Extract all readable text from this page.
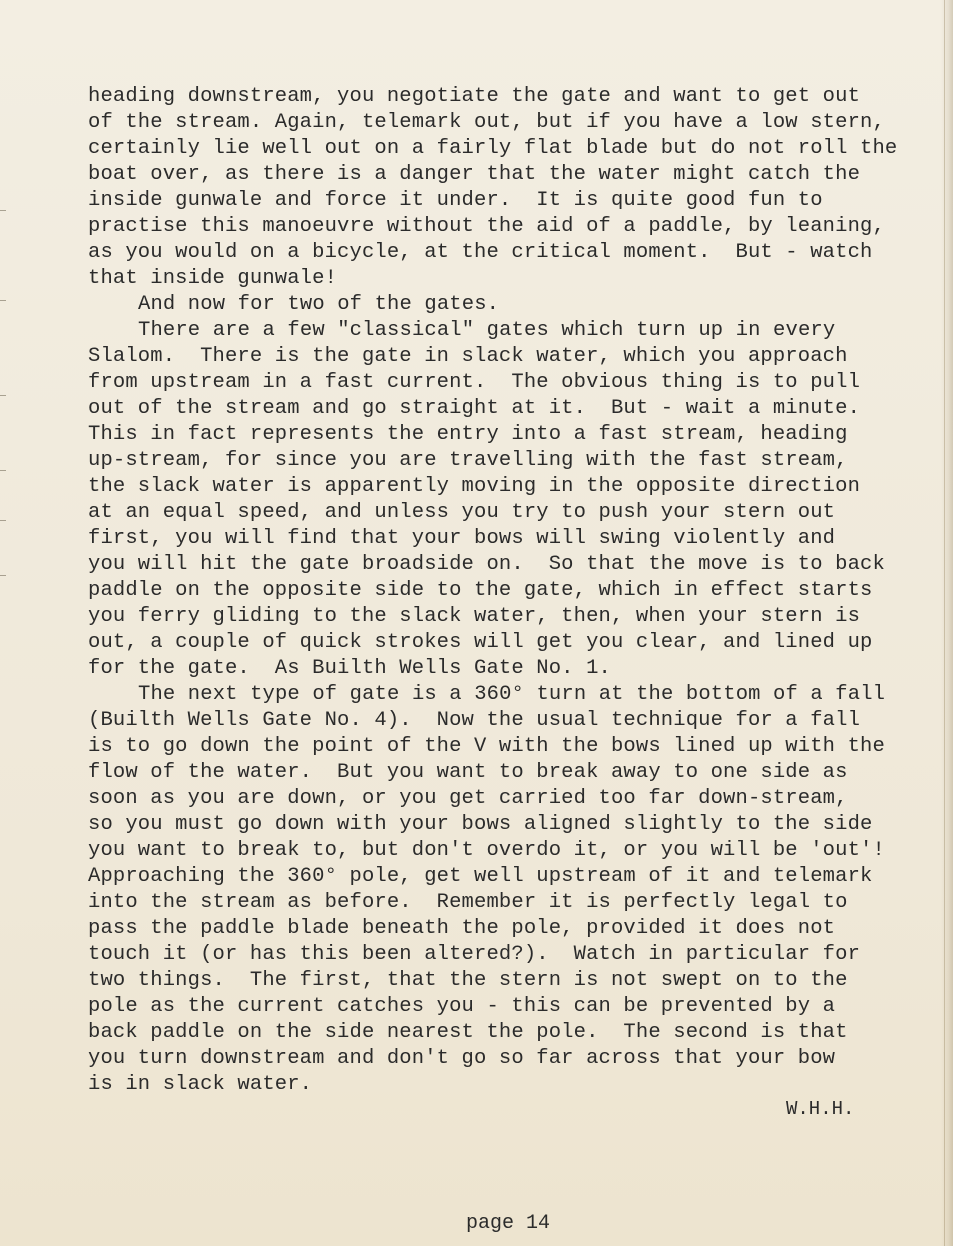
heading downstream, you negotiate the gate and want to get out
of the stream. Again, telemark out, but if you have a low stern,
certainly lie well out on a fairly flat blade but do not roll the
boat over, as there is a danger that the water might catch the
inside gunwale and force it under.  It is quite good fun to
practise this manoeuvre without the aid of a paddle, by leaning,
as you would on a bicycle, at the critical moment.  But - watch
that inside gunwale!
And now for two of the gates.
There are a few "classical" gates which turn up in every
Slalom.  There is the gate in slack water, which you approach
from upstream in a fast current.  The obvious thing is to pull
out of the stream and go straight at it.  But - wait a minute.
This in fact represents the entry into a fast stream, heading
up-stream, for since you are travelling with the fast stream,
the slack water is apparently moving in the opposite direction
at an equal speed, and unless you try to push your stern out
first, you will find that your bows will swing violently and
you will hit the gate broadside on.  So that the move is to back
paddle on the opposite side to the gate, which in effect starts
you ferry gliding to the slack water, then, when your stern is
out, a couple of quick strokes will get you clear, and lined up
for the gate.  As Builth Wells Gate No. 1.
The next type of gate is a 360° turn at the bottom of a fall
(Builth Wells Gate No. 4).  Now the usual technique for a fall
is to go down the point of the V with the bows lined up with the
flow of the water.  But you want to break away to one side as
soon as you are down, or you get carried too far down-stream,
so you must go down with your bows aligned slightly to the side
you want to break to, but don't overdo it, or you will be 'out'!
Approaching the 360° pole, get well upstream of it and telemark
into the stream as before.  Remember it is perfectly legal to
pass the paddle blade beneath the pole, provided it does not
touch it (or has this been altered?).  Watch in particular for
two things.  The first, that the stern is not swept on to the
pole as the current catches you - this can be prevented by a
back paddle on the side nearest the pole.  The second is that
you turn downstream and don't go so far across that your bow
is in slack water.
W.H.H.
page 14
